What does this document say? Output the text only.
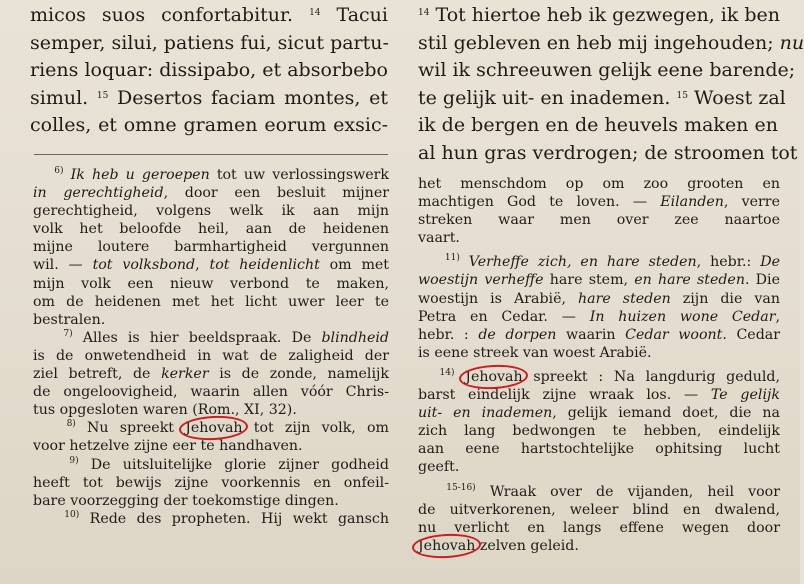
micos suos confortabitur. $^{14}$ Tacui
semper, silui, patiens fui, sicut partu-
riens loquar: dissipabo, et absorbebo
simul. $^{15}$ Desertos faciam montes, et
colles, et omne gramen eorum exsic-
$^{14}$ Tot hiertoe heb ik gezwegen, ik ben
stil gebleven en heb mij ingehouden; nu
wil ik schreeuwen gelijk eene barende;
te gelijk uit- en inademen. $^{15}$ Woest zal
ik de bergen en de heuvels maken en
al hun gras verdrogen; de stroomen tot
$^{6)}$ Ik heb u geroepen tot uw verlossingswerk
in gerechtigheid, door een besluit mijner
gerechtigheid, volgens welk ik aan mijn
volk het beloofde heil, aan de heidenen
mijne loutere barmhartigheid vergunnen
wil. — tot volksbond, tot heidenlicht om met
mijn volk een nieuw verbond te maken,
om de heidenen met het licht uwer leer te
bestralen.
$^{7)}$ Alles is hier beeldspraak. De blindheid
is de onwetendheid in wat de zaligheid der
ziel betreft, de kerker is de zonde, namelijk
de ongeloovigheid, waarin allen vóór Chris-
tus opgesloten waren (Rom., XI, 32).
$^{8)}$ Nu spreekt Jehovah tot zijn volk, om
voor hetzelve zijne eer te handhaven.
$^{9)}$ De uitsluitelijke glorie zijner godheid
heeft tot bewijs zijne voorkennis en onfeil-
bare voorzegging der toekomstige dingen.
$^{10)}$ Rede des propheten. Hij wekt gansch
het menschdom op om zoo grooten en
machtigen God te loven. — Eilanden, verre
streken waar men over zee naartoe
vaart.
$^{11)}$ Verheffe zich, en hare steden, hebr.: De
woestijn verheffe hare stem, en hare steden. Die
woestijn is Arabië, hare steden zijn die van
Petra en Cedar. — In huizen wone Cedar,
hebr. : de dorpen waarin Cedar woont. Cedar
is eene streek van woest Arabië.
$^{14)}$ Jehovah spreekt : Na langdurig geduld,
barst eindelijk zijne wraak los. — Te gelijk
uit- en inademen, gelijk iemand doet, die na
zich lang bedwongen te hebben, eindelijk
aan eene hartstochtelijke ophitsing lucht
geeft.
$^{15-16)}$ Wraak over de vijanden, heil voor
de uitverkorenen, weleer blind en dwalend,
nu verlicht en langs effene wegen door
Jehovah zelven geleid.
